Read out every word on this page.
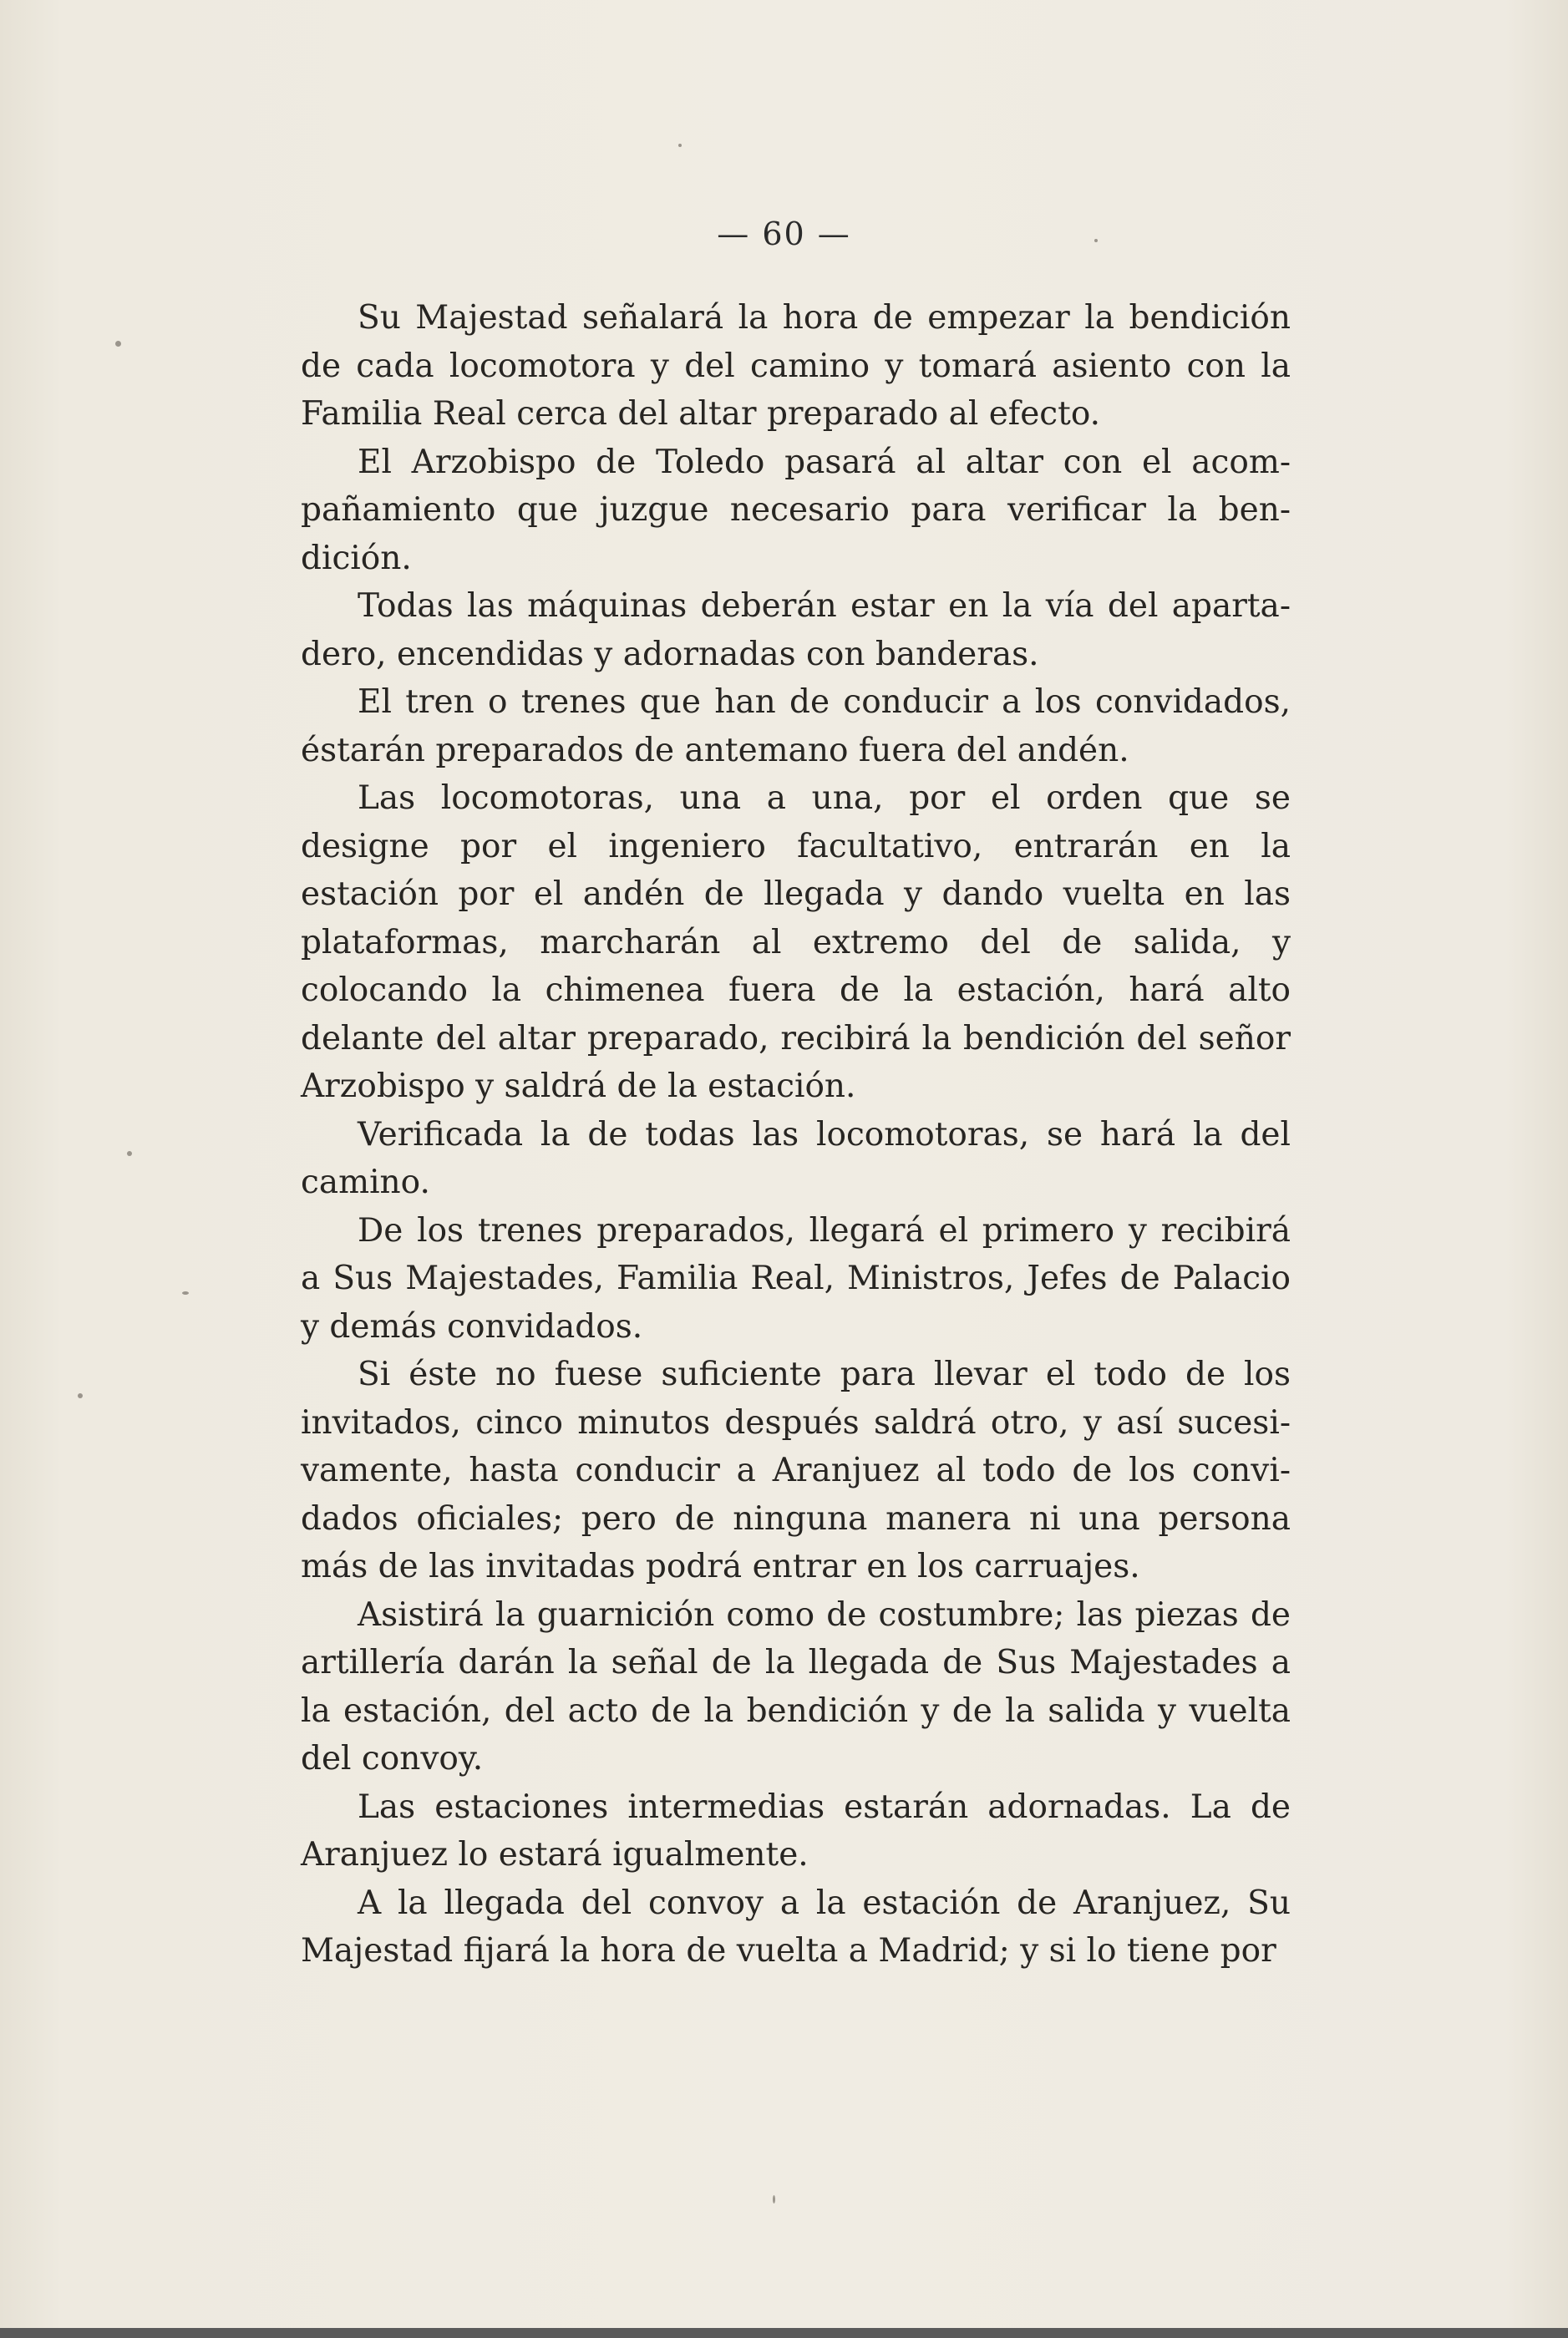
— 60 —

Su Majestad señalará la hora de empezar la bendición de cada locomotora y del camino y tomará asiento con la Familia Real cerca del altar preparado al efecto.

El Arzobispo de Toledo pasará al altar con el acompañamiento que juzgue necesario para verificar la bendición.

Todas las máquinas deberán estar en la vía del apartadero, encendidas y adornadas con banderas.

El tren o trenes que han de conducir a los convidados, éstarán preparados de antemano fuera del andén.

Las locomotoras, una a una, por el orden que se designe por el ingeniero facultativo, entrarán en la estación por el andén de llegada y dando vuelta en las plataformas, marcharán al extremo del de salida, y colocando la chimenea fuera de la estación, hará alto delante del altar preparado, recibirá la bendición del señor Arzobispo y saldrá de la estación.

Verificada la de todas las locomotoras, se hará la del camino.

De los trenes preparados, llegará el primero y recibirá a Sus Majestades, Familia Real, Ministros, Jefes de Palacio y demás convidados.

Si éste no fuese suficiente para llevar el todo de los invitados, cinco minutos después saldrá otro, y así sucesivamente, hasta conducir a Aranjuez al todo de los convidados oficiales; pero de ninguna manera ni una persona más de las invitadas podrá entrar en los carruajes.

Asistirá la guarnición como de costumbre; las piezas de artillería darán la señal de la llegada de Sus Majestades a la estación, del acto de la bendición y de la salida y vuelta del convoy.

Las estaciones intermedias estarán adornadas. La de Aranjuez lo estará igualmente.

A la llegada del convoy a la estación de Aranjuez, Su Majestad fijará la hora de vuelta a Madrid; y si lo tiene por
